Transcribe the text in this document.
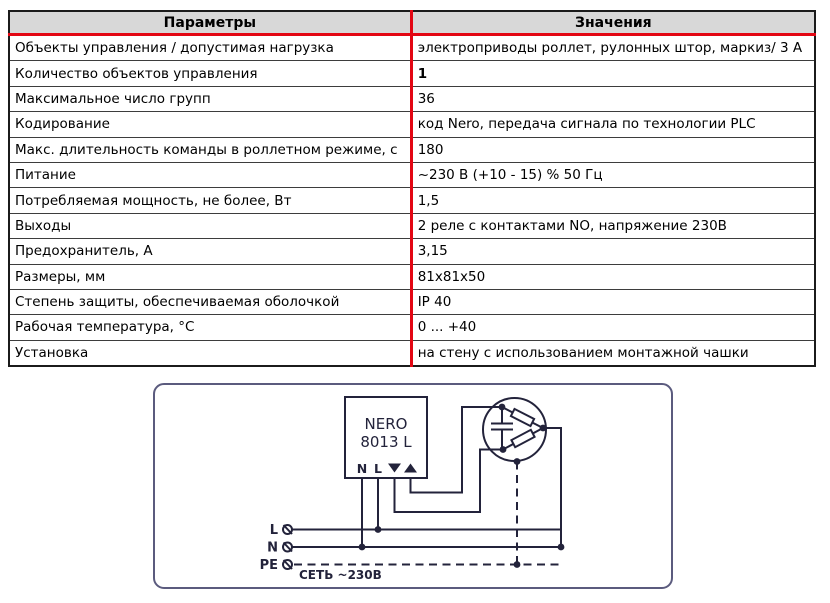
Параметры	Значения
Объекты управления / допустимая нагрузка	электроприводы роллет, рулонных штор, маркиз/ 3 А
Количество объектов управления	1
Максимальное число групп	36
Кодирование	код Nero, передача сигнала по технологии PLC
Макс. длительность команды в роллетном режиме, с	180
Питание	~230 В (+10 - 15) % 50 Гц
Потребляемая мощность, не более, Вт	1,5
Выходы	2 реле с контактами NO, напряжение 230В
Предохранитель, А	3,15
Размеры, мм	81x81x50
Степень защиты, обеспечиваемая оболочкой	IP 40
Рабочая температура, °С	0 ... +40
Установка	на стену с использованием монтажной чашки
L
N
PE
СЕТЬ ~230В
NERO
8013 L
N L
